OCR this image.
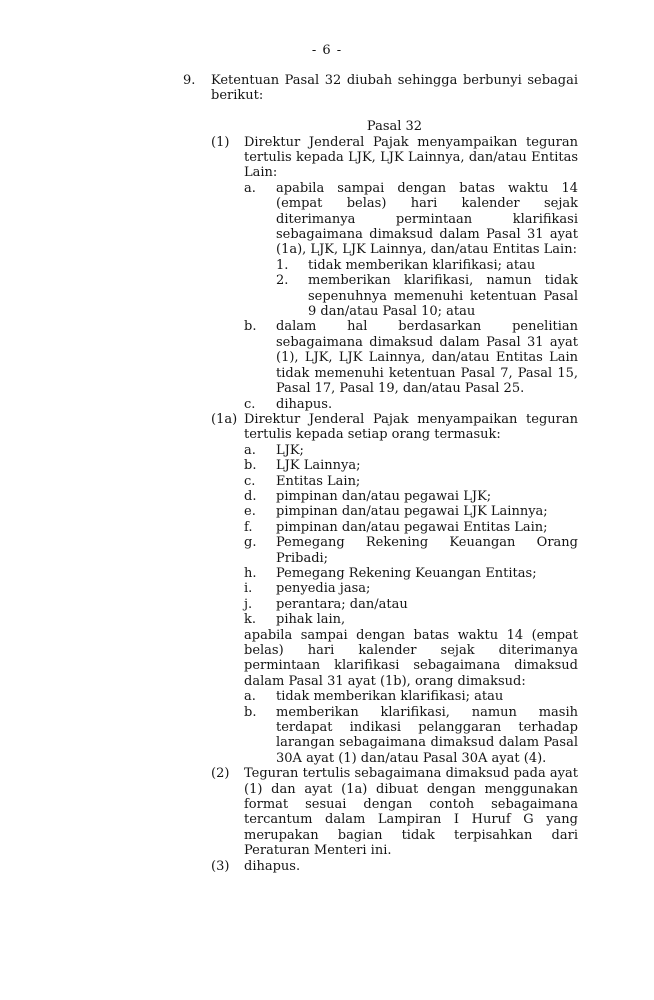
- 6 -
9.	Ketentuan Pasal 32 diubah sehingga berbunyi sebagai berikut:

Pasal 32
(1)	Direktur Jenderal Pajak menyampaikan teguran tertulis kepada LJK, LJK Lainnya, dan/atau Entitas Lain:

a.	apabila sampai dengan batas waktu 14 (empat belas) hari kalender sejak diterimanya permintaan klarifikasi sebagaimana dimaksud dalam Pasal 31 ayat (1a), LJK, LJK Lainnya, dan/atau Entitas Lain:

1.	tidak memberikan klarifikasi; atau

2.	memberikan klarifikasi, namun tidak sepenuhnya memenuhi ketentuan Pasal 9 dan/atau Pasal 10; atau

b.	dalam hal berdasarkan penelitian sebagaimana dimaksud dalam Pasal 31 ayat (1), LJK, LJK Lainnya, dan/atau Entitas Lain tidak memenuhi ketentuan Pasal 7, Pasal 15, Pasal 17, Pasal 19, dan/atau Pasal 25.

c.	dihapus.

(1a) Direktur Jenderal Pajak menyampaikan teguran tertulis kepada setiap orang termasuk:

a.	LJK;

b.	LJK Lainnya;

c.	Entitas Lain;

d.	pimpinan dan/atau pegawai LJK;

e.	pimpinan dan/atau pegawai LJK Lainnya;

f.	pimpinan dan/atau pegawai Entitas Lain;

g.	Pemegang Rekening Keuangan Orang Pribadi;

h.	Pemegang Rekening Keuangan Entitas;

i.	penyedia jasa;

j.	perantara; dan/atau

k.	pihak lain,

apabila sampai dengan batas waktu 14 (empat belas) hari kalender sejak diterimanya permintaan klarifikasi sebagaimana dimaksud dalam Pasal 31 ayat (1b), orang dimaksud:

a.	tidak memberikan klarifikasi; atau

b.	memberikan klarifikasi, namun masih terdapat indikasi pelanggaran terhadap larangan sebagaimana dimaksud dalam Pasal 30A ayat (1) dan/atau Pasal 30A ayat (4).

(2)	Teguran tertulis sebagaimana dimaksud pada ayat (1) dan ayat (1a) dibuat dengan menggunakan format sesuai dengan contoh sebagaimana tercantum dalam Lampiran I Huruf G yang merupakan bagian tidak terpisahkan dari Peraturan Menteri ini.

(3)	dihapus.
